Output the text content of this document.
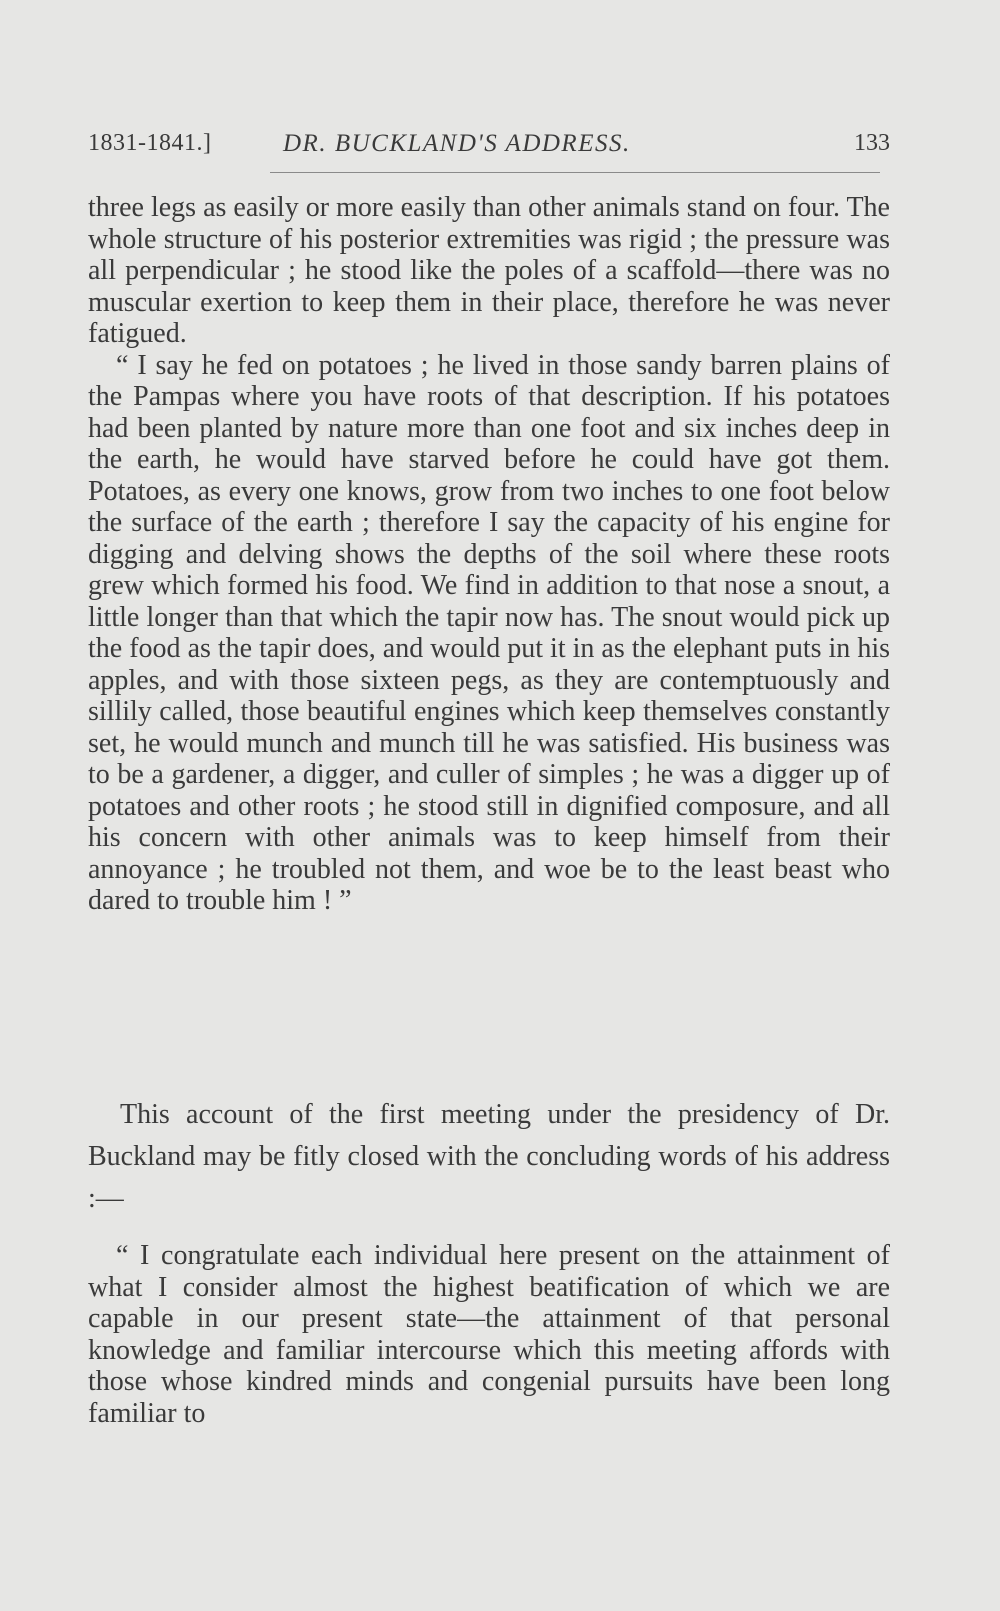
1831-1841.]	DR. BUCKLAND'S ADDRESS.	133

three legs as easily or more easily than other animals stand on four. The whole structure of his posterior extremities was rigid ; the pressure was all perpendicular ; he stood like the poles of a scaffold—there was no muscular exertion to keep them in their place, therefore he was never fatigued.

“ I say he fed on potatoes ; he lived in those sandy barren plains of the Pampas where you have roots of that description. If his potatoes had been planted by nature more than one foot and six inches deep in the earth, he would have starved before he could have got them. Potatoes, as every one knows, grow from two inches to one foot below the surface of the earth ; therefore I say the capacity of his engine for digging and delving shows the depths of the soil where these roots grew which formed his food. We find in addition to that nose a snout, a little longer than that which the tapir now has. The snout would pick up the food as the tapir does, and would put it in as the elephant puts in his apples, and with those sixteen pegs, as they are contemptuously and sillily called, those beautiful engines which keep themselves constantly set, he would munch and munch till he was satisfied. His business was to be a gardener, a digger, and culler of simples ; he was a digger up of potatoes and other roots ; he stood still in dignified composure, and all his concern with other animals was to keep himself from their annoyance ; he troubled not them, and woe be to the least beast who dared to trouble him ! ”

This account of the first meeting under the presidency of Dr. Buckland may be fitly closed with the concluding words of his address :—

“ I congratulate each individual here present on the attainment of what I consider almost the highest beatification of which we are capable in our present state—the attainment of that personal knowledge and familiar intercourse which this meeting affords with those whose kindred minds and congenial pursuits have been long familiar to
